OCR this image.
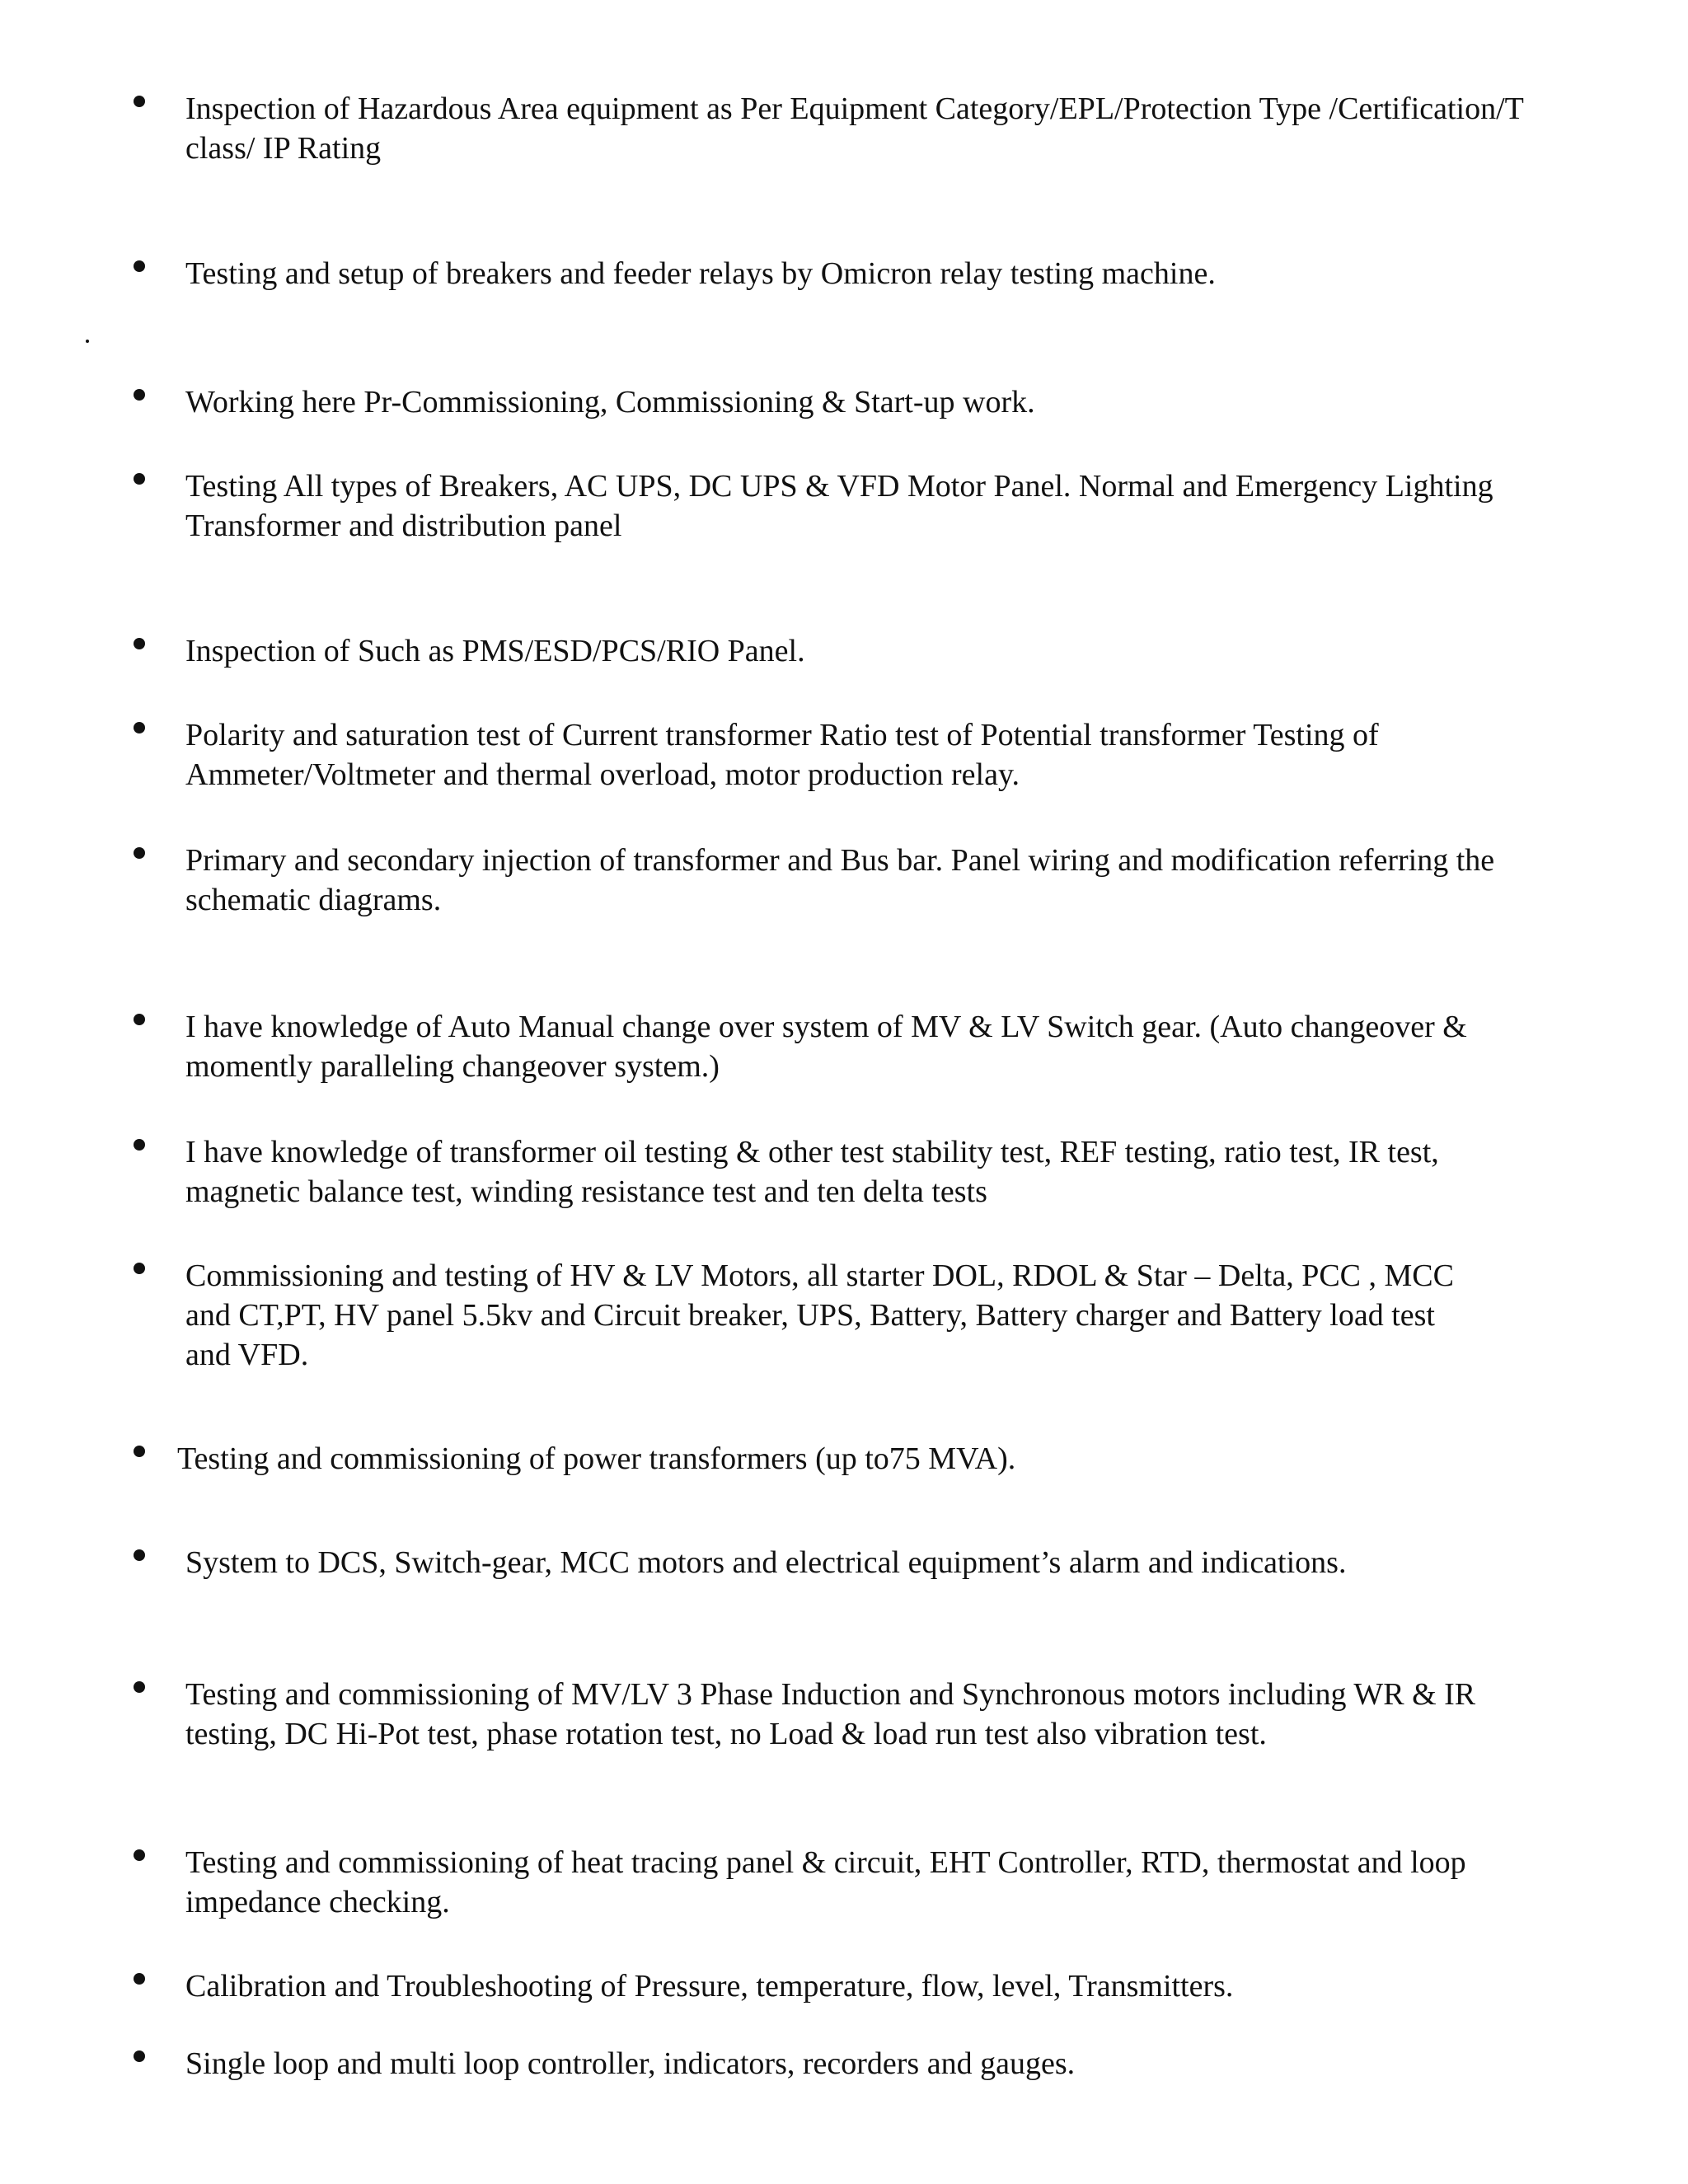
Inspection of Hazardous Area equipment as Per Equipment Category/EPL/Protection Type /Certification/T
class/ IP Rating
Testing and setup of breakers and feeder relays by Omicron relay testing machine.
Working here Pr-Commissioning, Commissioning & Start-up work.
Testing All types of Breakers, AC UPS, DC UPS & VFD Motor Panel. Normal and Emergency Lighting
Transformer and distribution panel
Inspection of Such as PMS/ESD/PCS/RIO Panel.
Polarity and saturation test of Current transformer Ratio test of Potential transformer Testing of
Ammeter/Voltmeter and thermal overload, motor production relay.
Primary and secondary injection of transformer and Bus bar. Panel wiring and modification referring the
schematic diagrams.
I have knowledge of Auto Manual change over system of MV & LV Switch gear. (Auto changeover &
momently paralleling changeover system.)
I have knowledge of transformer oil testing & other test stability test, REF testing, ratio test, IR test,
magnetic balance test, winding resistance test and ten delta tests
Commissioning and testing of HV & LV Motors, all starter DOL, RDOL & Star – Delta, PCC , MCC
and CT,PT, HV panel 5.5kv and Circuit breaker, UPS, Battery, Battery charger and Battery load test
and VFD.
Testing and commissioning of power transformers (up to75 MVA).
System to DCS, Switch-gear, MCC motors and electrical equipment’s alarm and indications.
Testing and commissioning of MV/LV 3 Phase Induction and Synchronous motors including WR & IR
testing, DC Hi-Pot test, phase rotation test, no Load & load run test also vibration test.
Testing and commissioning of heat tracing panel & circuit, EHT Controller, RTD, thermostat and loop
impedance checking.
Calibration and Troubleshooting of Pressure, temperature, flow, level, Transmitters.
Single loop and multi loop controller, indicators, recorders and gauges.
